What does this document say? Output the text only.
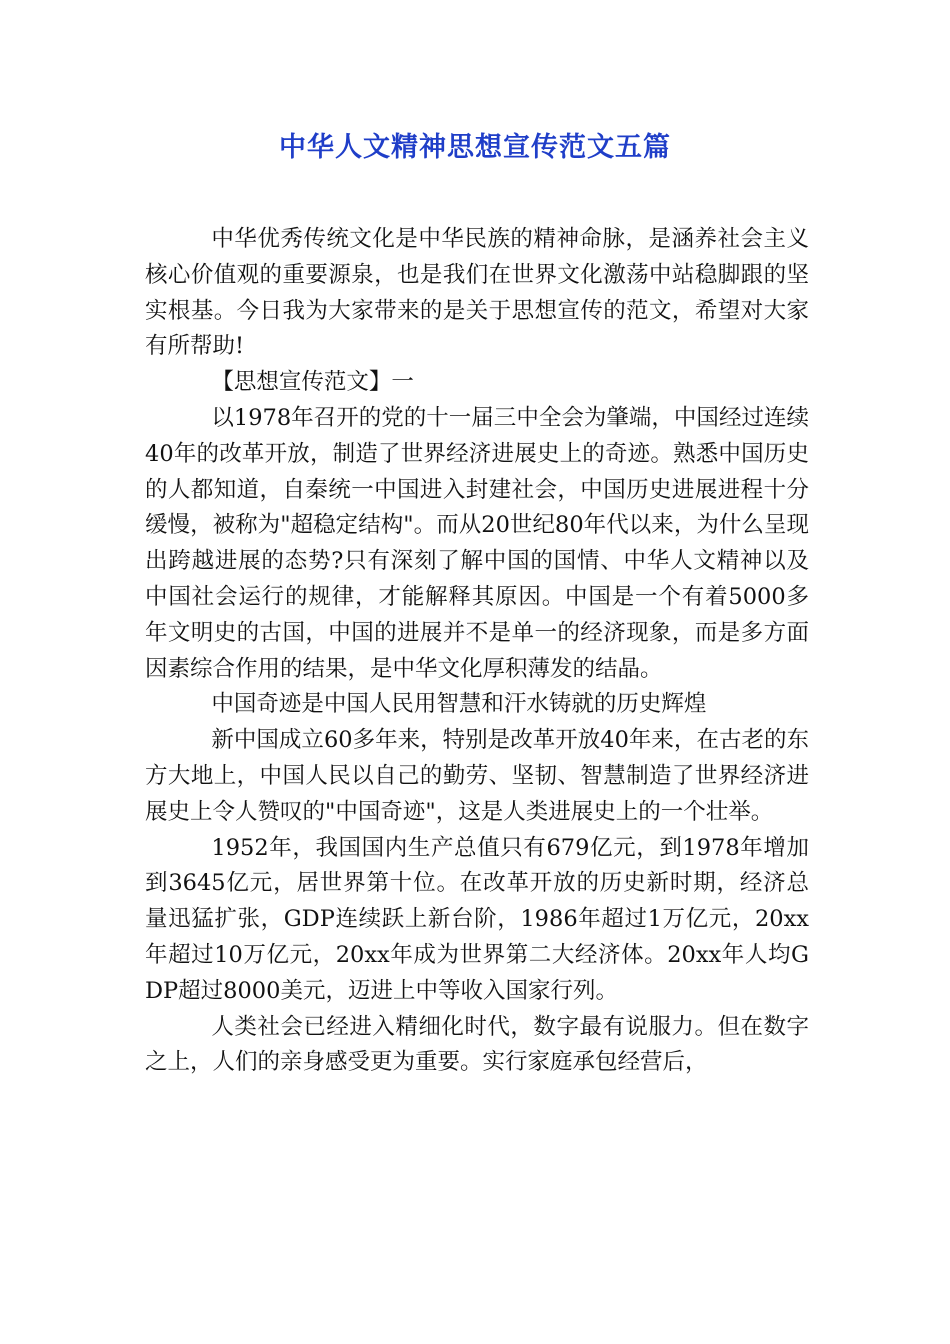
中华人文精神思想宣传范文五篇

中华优秀传统文化是中华民族的精神命脉，是涵养社会主义核心价值观的重要源泉，也是我们在世界文化激荡中站稳脚跟的坚实根基。今日我为大家带来的是关于思想宣传的范文，希望对大家有所帮助!

【思想宣传范文】一

以1978年召开的党的十一届三中全会为肇端，中国经过连续40年的改革开放，制造了世界经济进展史上的奇迹。熟悉中国历史的人都知道，自秦统一中国进入封建社会，中国历史进展进程十分缓慢，被称为"超稳定结构"。而从20世纪80年代以来，为什么呈现出跨越进展的态势?只有深刻了解中国的国情、中华人文精神以及中国社会运行的规律，才能解释其原因。中国是一个有着5000多年文明史的古国，中国的进展并不是单一的经济现象，而是多方面因素综合作用的结果，是中华文化厚积薄发的结晶。

中国奇迹是中国人民用智慧和汗水铸就的历史辉煌

新中国成立60多年来，特别是改革开放40年来，在古老的东方大地上，中国人民以自己的勤劳、坚韧、智慧制造了世界经济进展史上令人赞叹的"中国奇迹"，这是人类进展史上的一个壮举。

1952年，我国国内生产总值只有679亿元，到1978年增加到3645亿元，居世界第十位。在改革开放的历史新时期，经济总量迅猛扩张，GDP连续跃上新台阶，1986年超过1万亿元，20xx年超过10万亿元，20xx年成为世界第二大经济体。20xx年人均GDP超过8000美元，迈进上中等收入国家行列。

人类社会已经进入精细化时代，数字最有说服力。但在数字之上，人们的亲身感受更为重要。实行家庭承包经营后，
